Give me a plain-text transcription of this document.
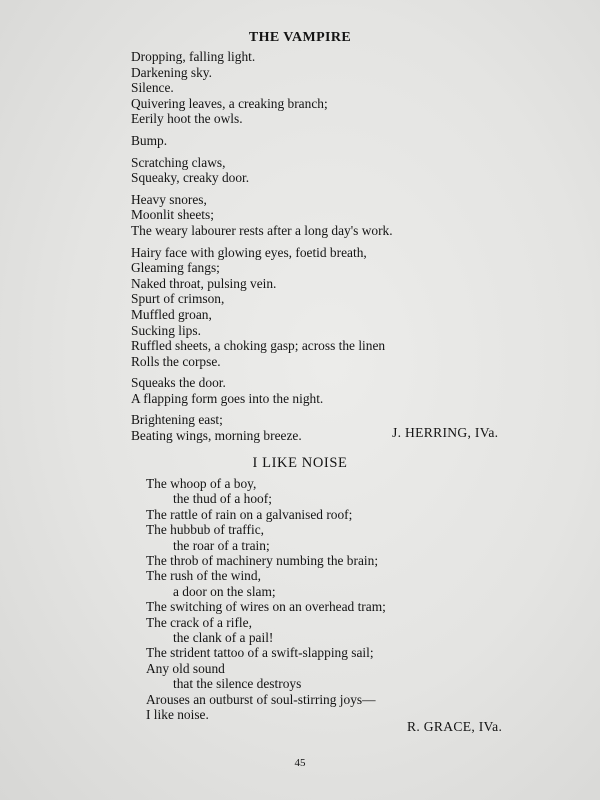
THE VAMPIRE
Dropping, falling light.
Darkening sky.
Silence.
Quivering leaves, a creaking branch;
Eerily hoot the owls.
Bump.
Scratching claws,
Squeaky, creaky door.
Heavy snores,
Moonlit sheets;
The weary labourer rests after a long day's work.
Hairy face with glowing eyes, foetid breath,
Gleaming fangs;
Naked throat, pulsing vein.
Spurt of crimson,
Muffled groan,
Sucking lips.
Ruffled sheets, a choking gasp; across the linen
Rolls the corpse.
Squeaks the door.
A flapping form goes into the night.
Brightening east;
Beating wings, morning breeze.	J. HERRING, IVa.
I LIKE NOISE
The whoop of a boy,
the thud of a hoof;
The rattle of rain on a galvanised roof;
The hubbub of traffic,
the roar of a train;
The throb of machinery numbing the brain;
The rush of the wind,
a door on the slam;
The switching of wires on an overhead tram;
The crack of a rifle,
the clank of a pail!
The strident tattoo of a swift-slapping sail;
Any old sound
that the silence destroys
Arouses an outburst of soul-stirring joys—
I like noise.
R. GRACE, IVa.
45
